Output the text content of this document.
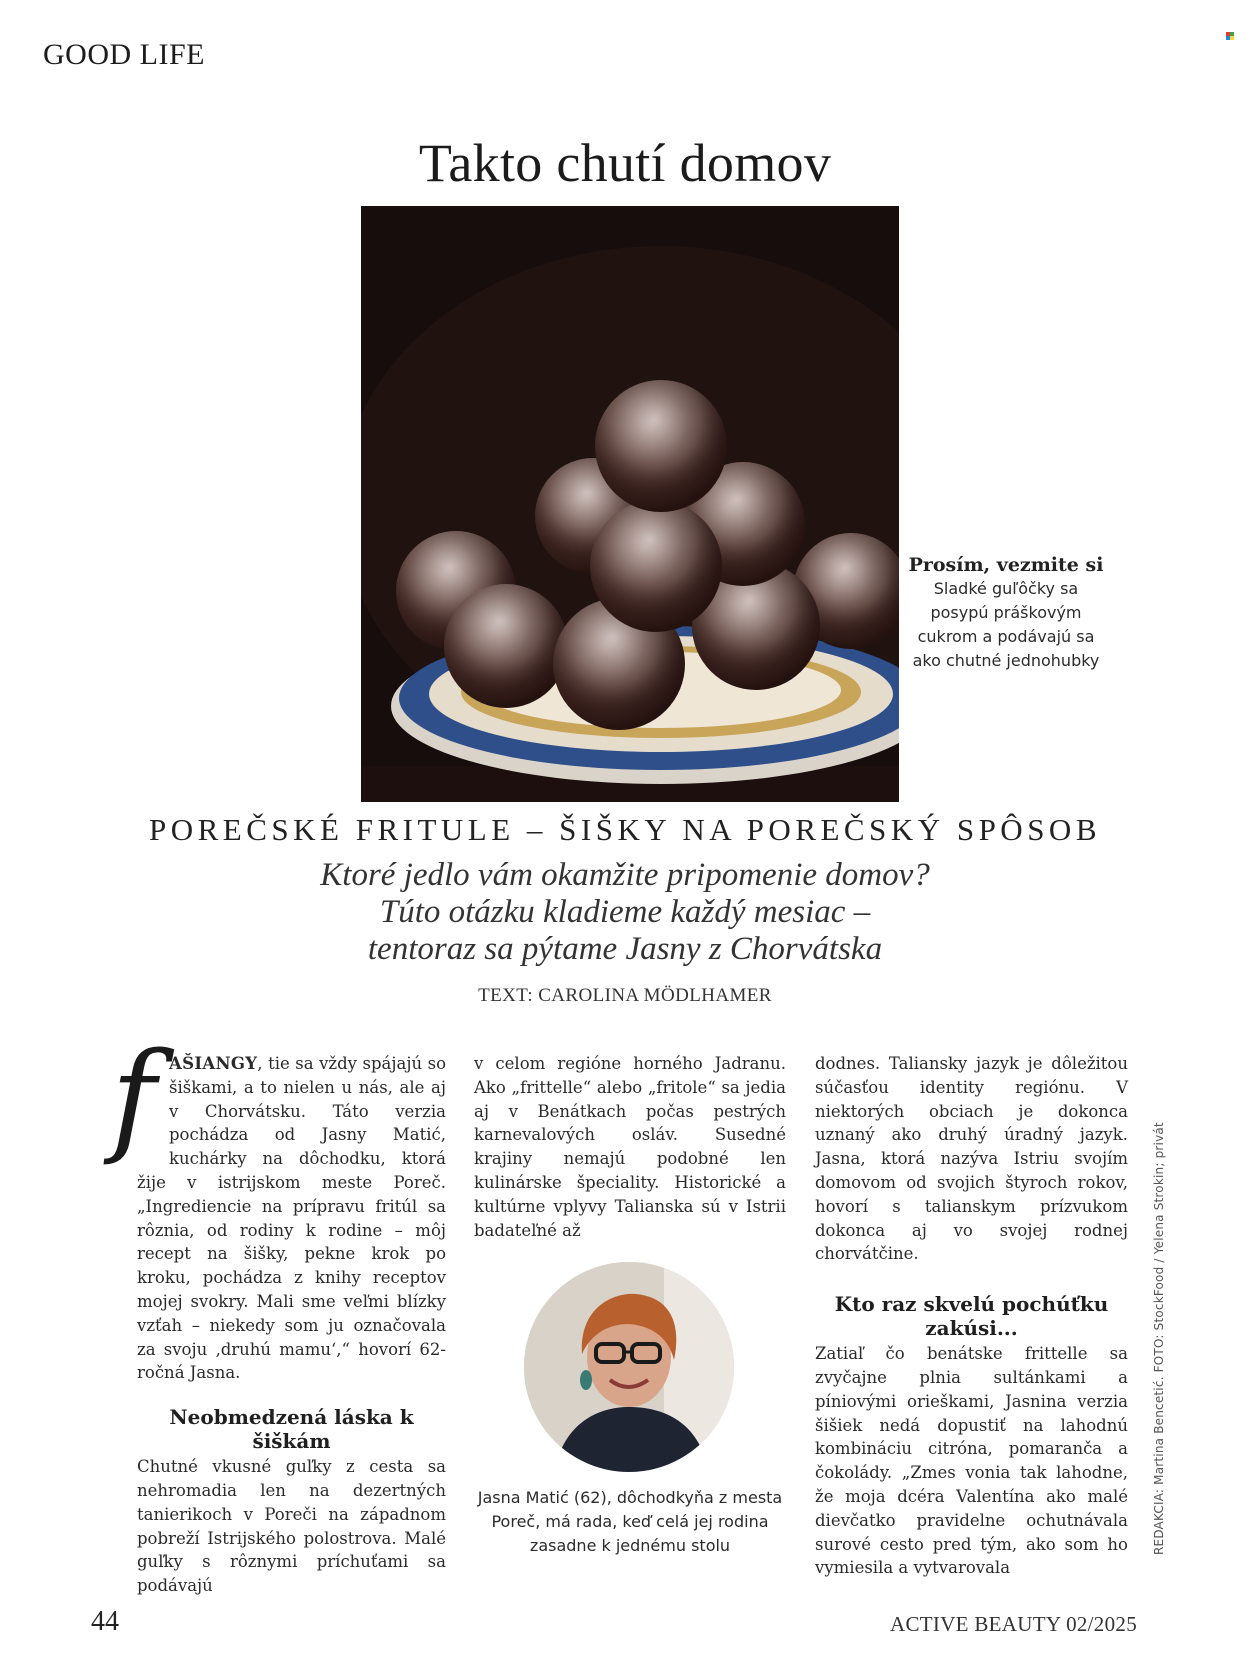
GOOD LIFE
Takto chutí domov
Prosím, vezmite si
Sladké guľôčky sa posypú práškovým cukrom a podávajú sa ako chutné jednohubky
POREČSKÉ FRITULE – ŠIŠKY NA POREČSKÝ SPÔSOB
Ktoré jedlo vám okamžite pripomenie domov?
Túto otázku kladieme každý mesiac –
tentoraz sa pýtame Jasny z Chorvátska
TEXT: CAROLINA MÖDLHAMER

fAŠIANGY, tie sa vždy spájajú so šiškami, a to nielen u nás, ale aj v Chorvátsku. Táto verzia pochádza od Jasny Matić, kuchárky na dôchodku, ktorá žije v istrijskom meste Poreč. „Ingrediencie na prípravu fritúl sa rôznia, od rodiny k rodine – môj recept na šišky, pekne krok po kroku, pochádza z knihy receptov mojej svokry. Mali sme veľmi blízky vzťah – niekedy som ju označovala za svoju ‚druhú mamu‘,“ hovorí 62-ročná Jasna.

Neobmedzená láska k šiškám

Chutné vkusné guľky z cesta sa nehromadia len na dezertných tanierikoch v Poreči na západnom pobreží Istrijského polostrova. Malé guľky s rôznymi príchuťami sa podávajú

v celom regióne horného Jadranu. Ako „frittelle“ alebo „fritole“ sa jedia aj v Benátkach počas pestrých karnevalových osláv. Susedné krajiny nemajú podobné len kulinárske špeciality. Historické a kultúrne vplyvy Talianska sú v Istrii badateľné až

Jasna Matić (62), dôchodkyňa z mesta Poreč, má rada, keď celá jej rodina zasadne k jednému stolu

dodnes. Taliansky jazyk je dôležitou súčasťou identity regiónu. V niektorých obciach je dokonca uznaný ako druhý úradný jazyk. Jasna, ktorá nazýva Istriu svojím domovom od svojich štyroch rokov, hovorí s talianskym prízvukom dokonca aj vo svojej rodnej chorvátčine.

Kto raz skvelú pochúťku zakúsi...

Zatiaľ čo benátske frittelle sa zvyčajne plnia sultánkami a píniovými orieškami, Jasnina verzia šišiek nedá dopustiť na lahodnú kombináciu citróna, pomaranča a čokolády. „Zmes vonia tak lahodne, že moja dcéra Valentína ako malé dievčatko pravidelne ochutnávala surové cesto pred tým, ako som ho vymiesila a vytvarovala

REDAKCIA: Martina Bencetić. FOTO: StockFood / Yelena Strokin; privát
44	ACTIVE BEAUTY 02/2025
